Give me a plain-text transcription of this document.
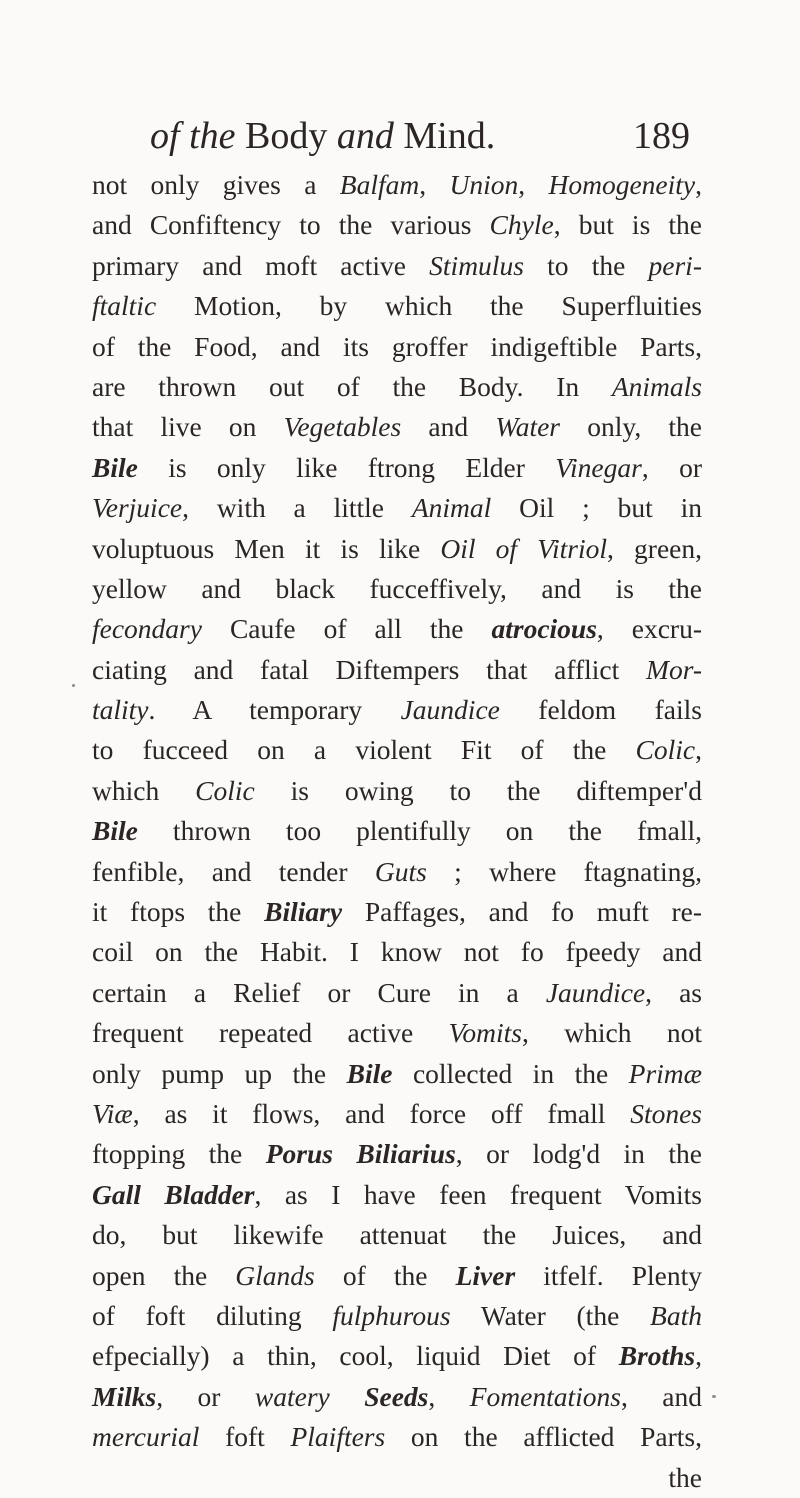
of the Body and Mind.	189
not only gives a Balfam, Union, Homogeneity,
and Confiftency to the various Chyle, but is the
primary and moft active Stimulus to the peri-
ftaltic Motion, by which the Superfluities
of the Food, and its groffer indigeftible Parts,
are thrown out of the Body. In Animals
that live on Vegetables and Water only, the
Bile is only like ftrong Elder Vinegar, or
Verjuice, with a little Animal Oil ; but in
voluptuous Men it is like Oil of Vitriol, green,
yellow and black fucceffively, and is the
fecondary Caufe of all the atrocious, excru-
ciating and fatal Diftempers that afflict Mor-
tality. A temporary Jaundice feldom fails
to fucceed on a violent Fit of the Colic,
which Colic is owing to the diftemper'd
Bile thrown too plentifully on the fmall,
fenfible, and tender Guts ; where ftagnating,
it ftops the Biliary Paffages, and fo muft re-
coil on the Habit. I know not fo fpeedy and
certain a Relief or Cure in a Jaundice, as
frequent repeated active Vomits, which not
only pump up the Bile collected in the Primæ
Viæ, as it flows, and force off fmall Stones
ftopping the Porus Biliarius, or lodg'd in the
Gall Bladder, as I have feen frequent Vomits
do, but likewife attenuat the Juices, and
open the Glands of the Liver itfelf. Plenty
of foft diluting fulphurous Water (the Bath
efpecially) a thin, cool, liquid Diet of Broths,
Milks, or watery Seeds, Fomentations, and
mercurial foft Plaifters on the afflicted Parts,
the
